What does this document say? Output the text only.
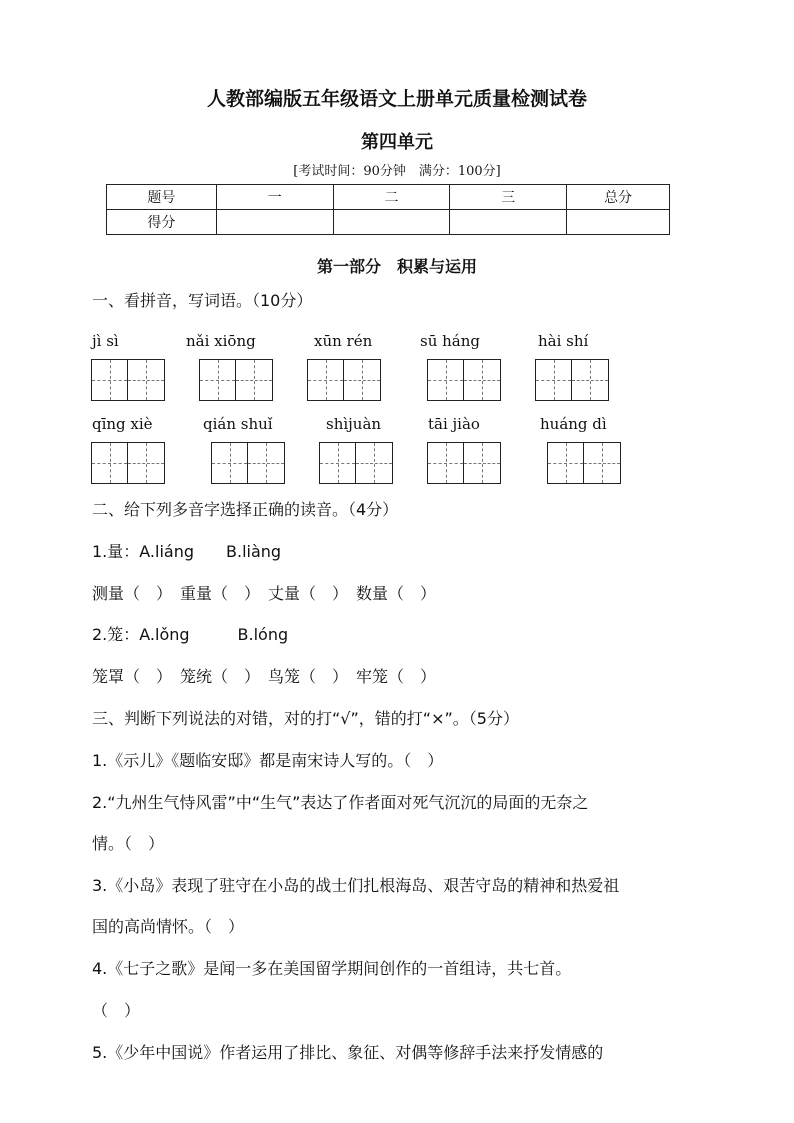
人教部编版五年级语文上册单元质量检测试卷
第四单元
[考试时间：90分钟　满分：100分]
题号	一	二	三	总分
得分				
第一部分　积累与运用
一、看拼音，写词语。（10分）
jì sì	nǎi xiōng	xūn rén	sū háng	hài shí
qīng xiè	qián shuǐ	shìjuàn	tāi jiào	huáng dì
二、给下列多音字选择正确的读音。（4分）
1.量：A.liáng　　B.liàng
测量（　）　重量（　）　丈量（　）　数量（　）
2.笼：A.lǒng　　　B.lóng
笼罩（　）　笼统（　）　鸟笼（　）　牢笼（　）
三、判断下列说法的对错，对的打“√”，错的打“×”。（5分）
1.《示儿》《题临安邸》都是南宋诗人写的。（　）
2.“九州生气恃风雷”中“生气”表达了作者面对死气沉沉的局面的无奈之
情。（　）
3.《小岛》表现了驻守在小岛的战士们扎根海岛、艰苦守岛的精神和热爱祖
国的高尚情怀。（　）
4.《七子之歌》是闻一多在美国留学期间创作的一首组诗，共七首。
（　）
5.《少年中国说》作者运用了排比、象征、对偶等修辞手法来抒发情感的
